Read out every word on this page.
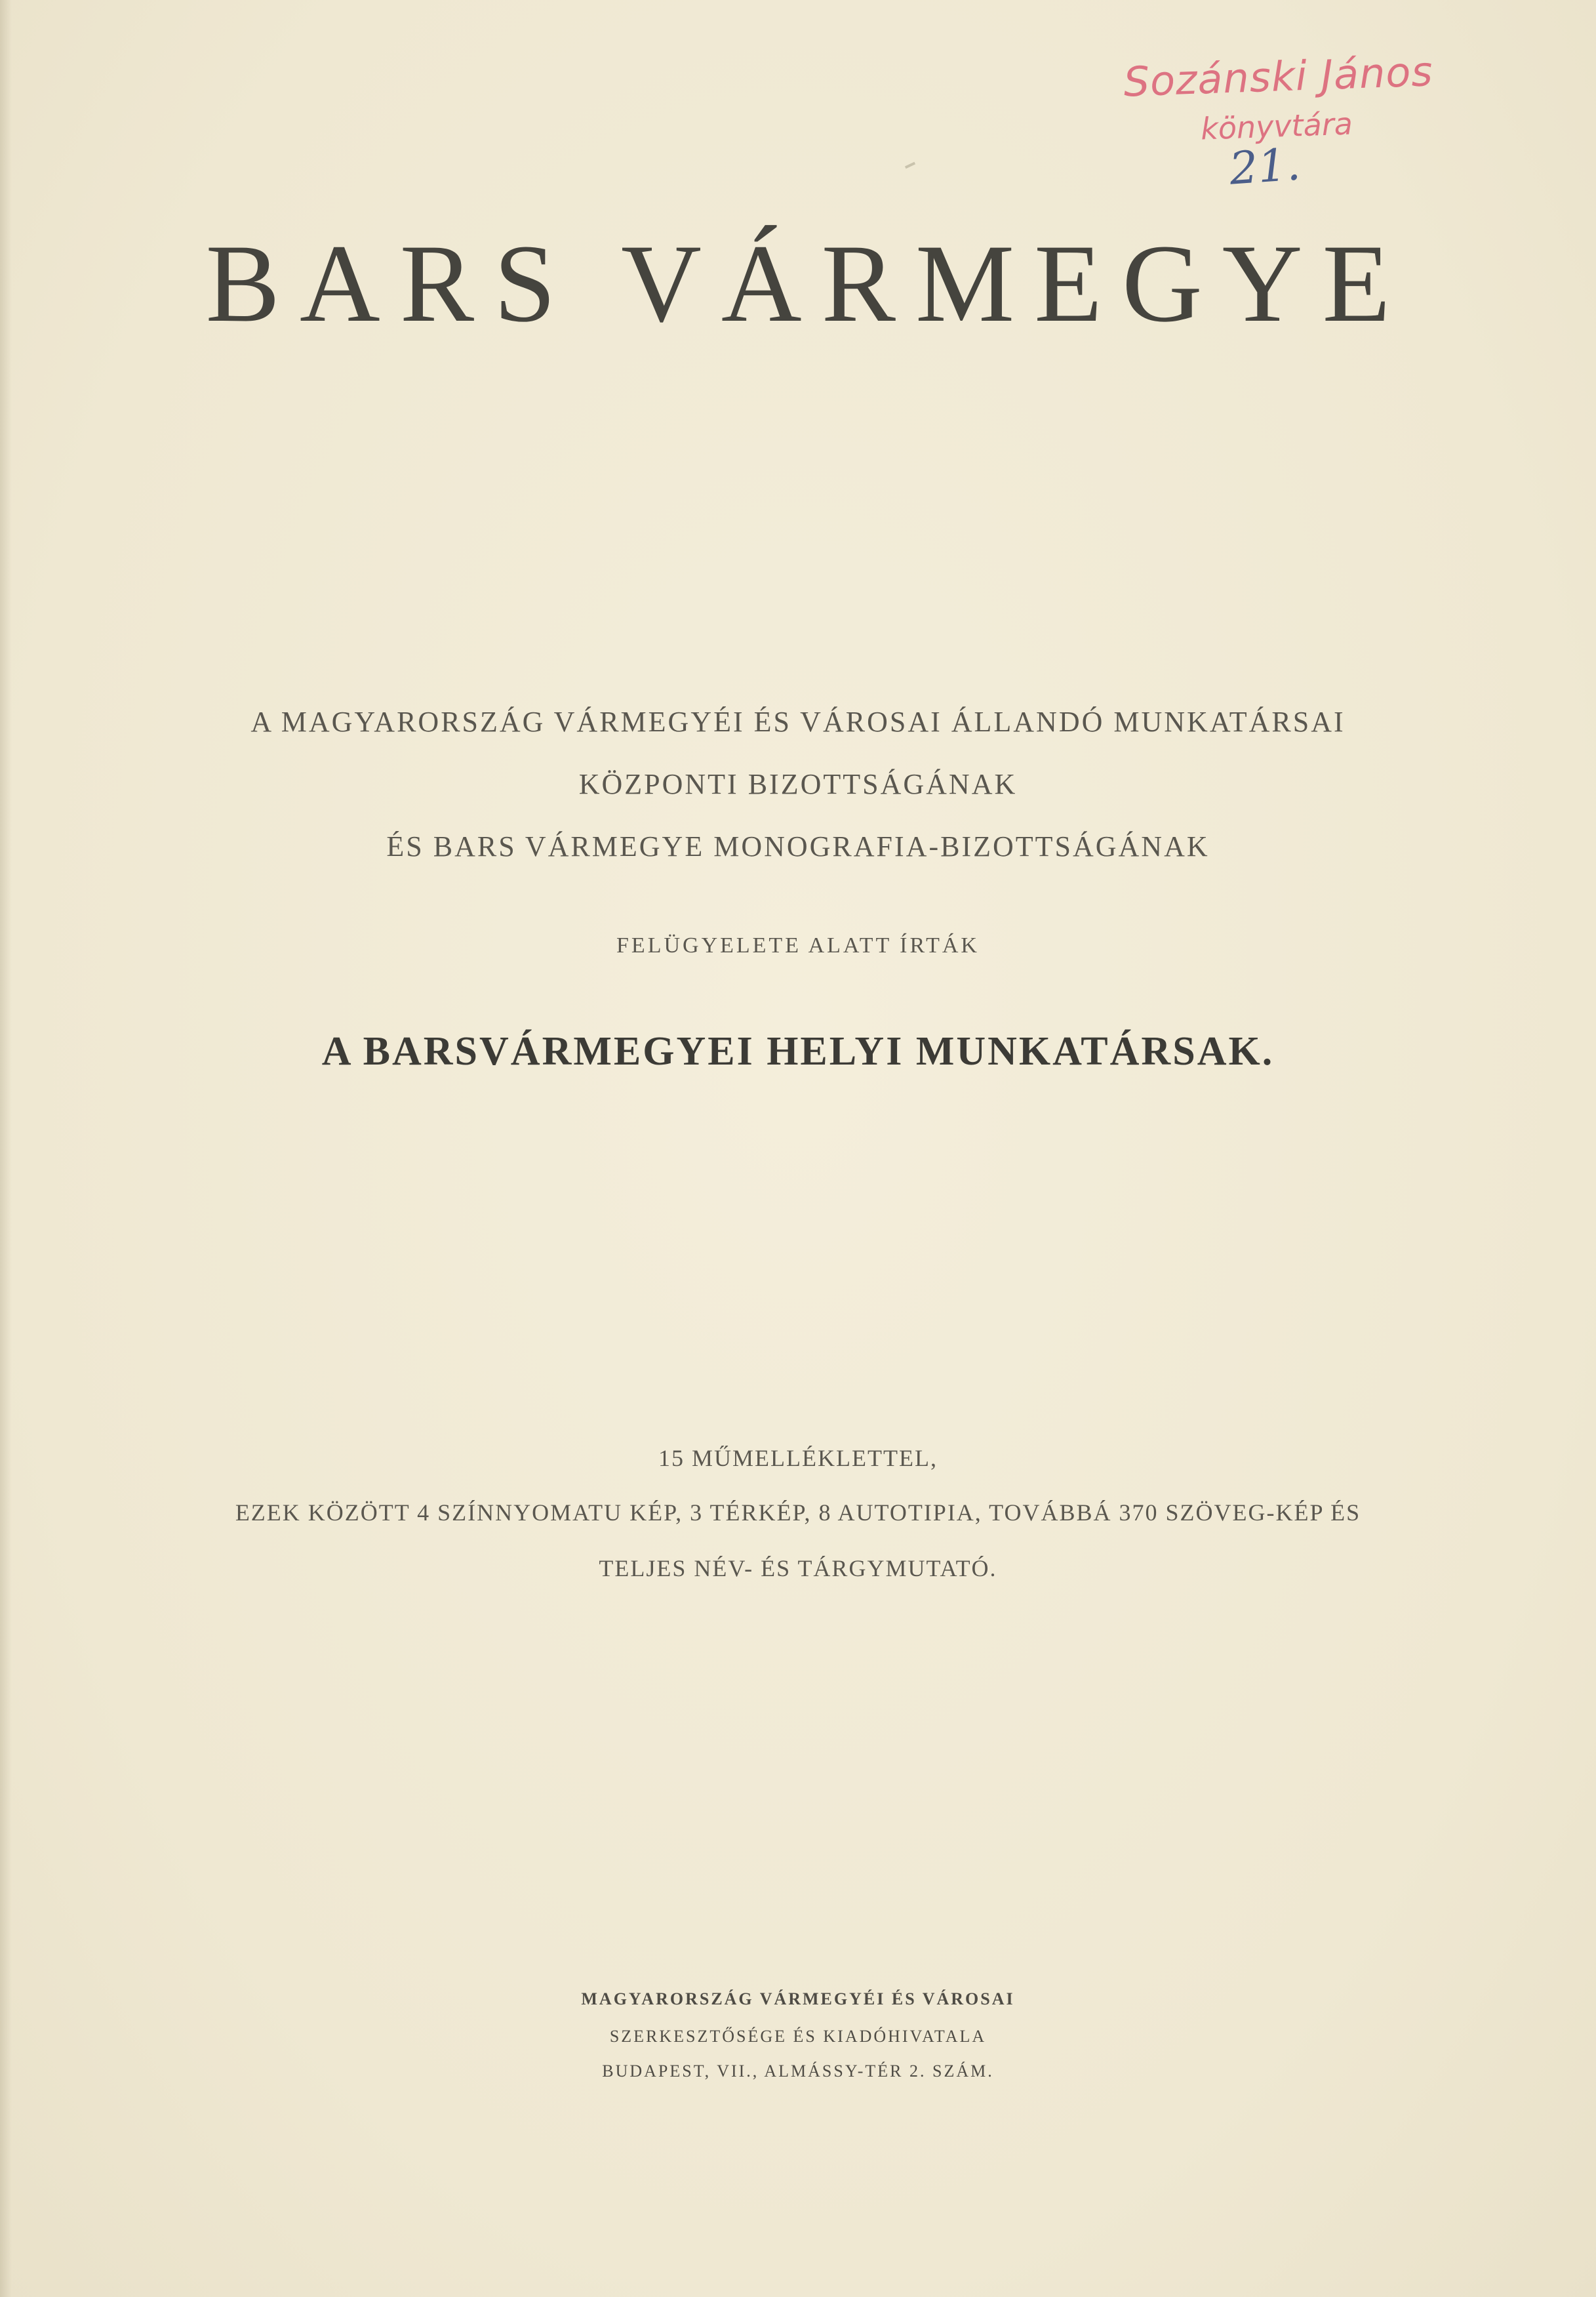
Sozánski János
könyvtára
21.
BARS VÁRMEGYE
A MAGYARORSZÁG VÁRMEGYÉI ÉS VÁROSAI ÁLLANDÓ MUNKATÁRSAI
KÖZPONTI BIZOTTSÁGÁNAK
ÉS BARS VÁRMEGYE MONOGRAFIA-BIZOTTSÁGÁNAK
FELÜGYELETE ALATT ÍRTÁK
A BARSVÁRMEGYEI HELYI MUNKATÁRSAK.
15 MŰMELLÉKLETTEL,
EZEK KÖZÖTT 4 SZÍNNYOMATU KÉP, 3 TÉRKÉP, 8 AUTOTIPIA, TOVÁBBÁ 370 SZÖVEG-KÉP ÉS
TELJES NÉV- ÉS TÁRGYMUTATÓ.
MAGYARORSZÁG VÁRMEGYÉI ÉS VÁROSAI
SZERKESZTŐSÉGE ÉS KIADÓHIVATALA
BUDAPEST, VII., ALMÁSSY-TÉR 2. SZÁM.
